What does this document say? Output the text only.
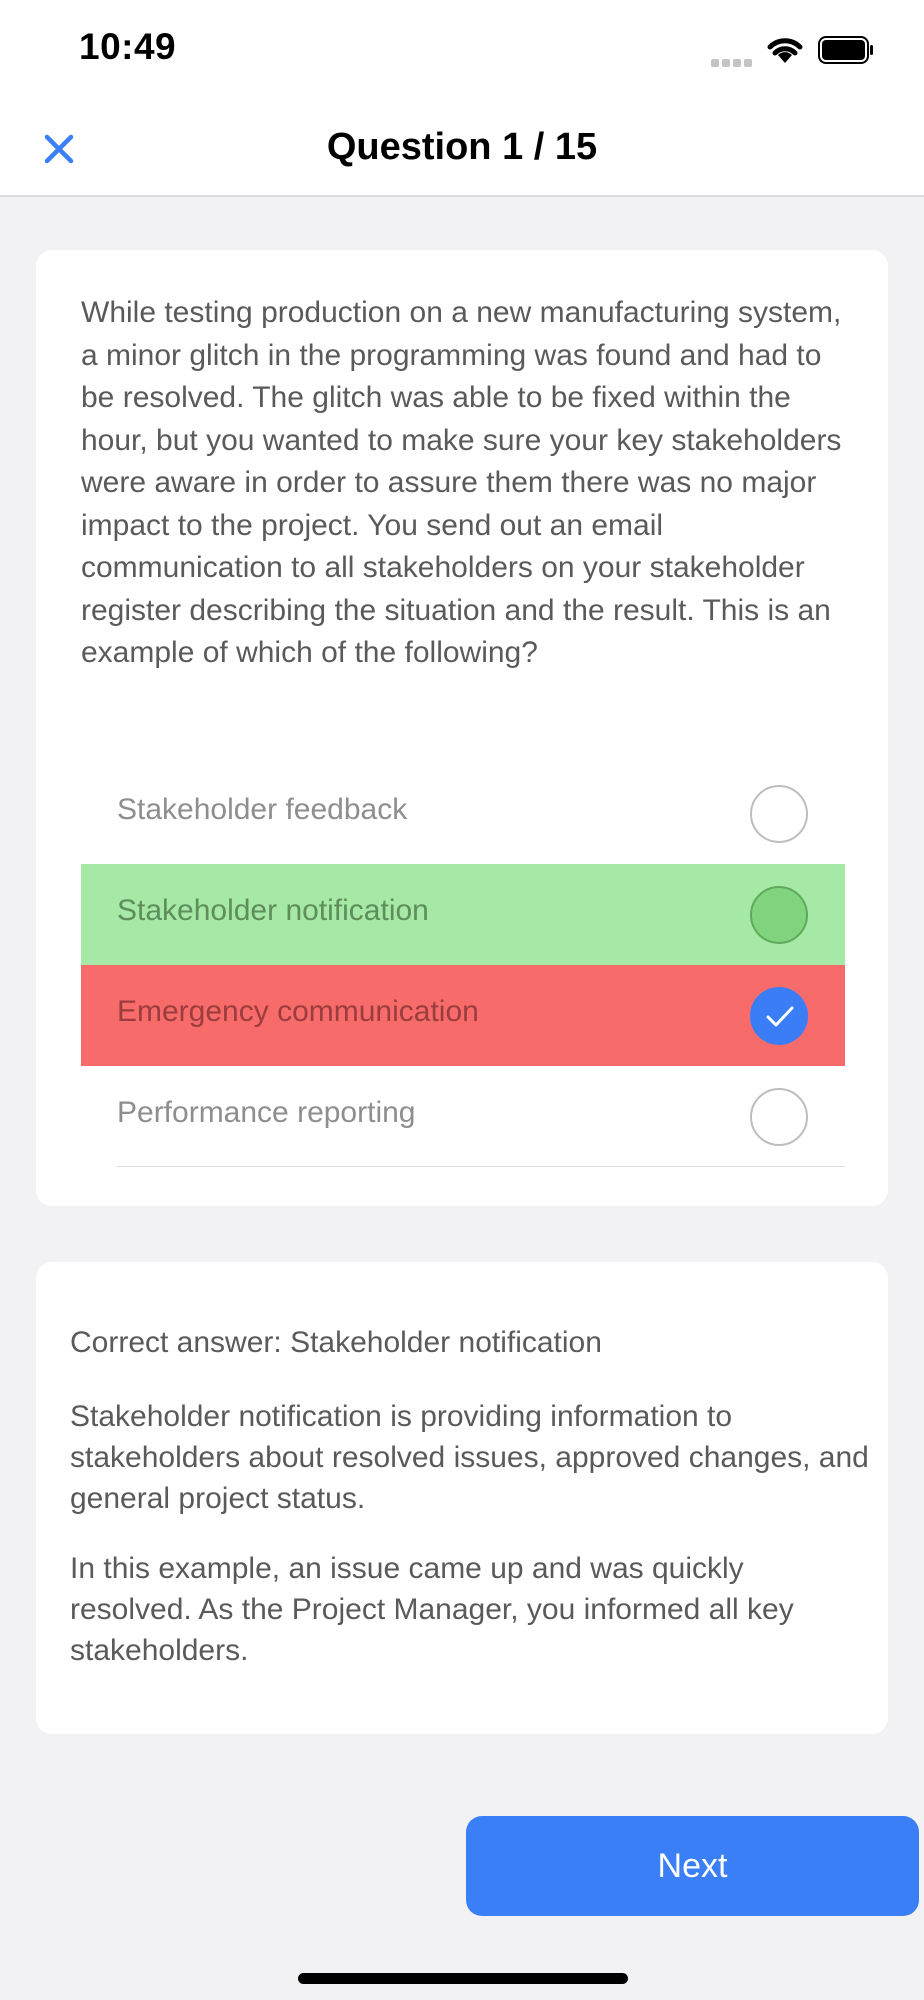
10:49
Question 1 / 15
While testing production on a new manufacturing system, a minor glitch in the programming was found and had to be resolved. The glitch was able to be fixed within the hour, but you wanted to make sure your key stakeholders were aware in order to assure them there was no major impact to the project. You send out an email communication to all stakeholders on your stakeholder register describing the situation and the result. This is an example of which of the following?
Stakeholder feedback
Stakeholder notification
Emergency communication
Performance reporting
Correct answer: Stakeholder notification
Stakeholder notification is providing information to stakeholders about resolved issues, approved changes, and general project status.
In this example, an issue came up and was quickly resolved. As the Project Manager, you informed all key stakeholders.
Next
